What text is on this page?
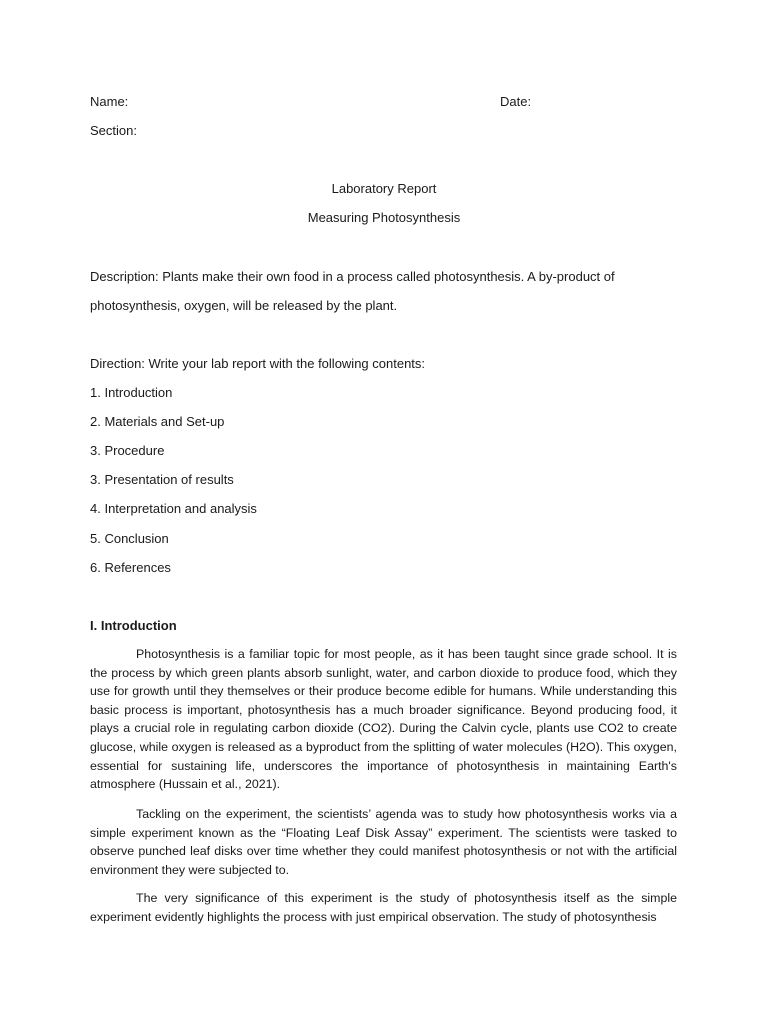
Name:	Date:
Section:
Laboratory Report
Measuring Photosynthesis
Description: Plants make their own food in a process called photosynthesis. A by-product of
photosynthesis, oxygen, will be released by the plant.
Direction: Write your lab report with the following contents:
1. Introduction
2. Materials and Set-up
3. Procedure
3. Presentation of results
4. Interpretation and analysis
5. Conclusion
6. References
I. Introduction

Photosynthesis is a familiar topic for most people, as it has been taught since grade school. It is the process by which green plants absorb sunlight, water, and carbon dioxide to produce food, which they use for growth until they themselves or their produce become edible for humans. While understanding this basic process is important, photosynthesis has a much broader significance. Beyond producing food, it plays a crucial role in regulating carbon dioxide (CO2). During the Calvin cycle, plants use CO2 to create glucose, while oxygen is released as a byproduct from the splitting of water molecules (H2O). This oxygen, essential for sustaining life, underscores the importance of photosynthesis in maintaining Earth's atmosphere (Hussain et al., 2021).

Tackling on the experiment, the scientists’ agenda was to study how photosynthesis works via a simple experiment known as the “Floating Leaf Disk Assay” experiment. The scientists were tasked to observe punched leaf disks over time whether they could manifest photosynthesis or not with the artificial environment they were subjected to.

The very significance of this experiment is the study of photosynthesis itself as the simple experiment evidently highlights the process with just empirical observation. The study of photosynthesis
